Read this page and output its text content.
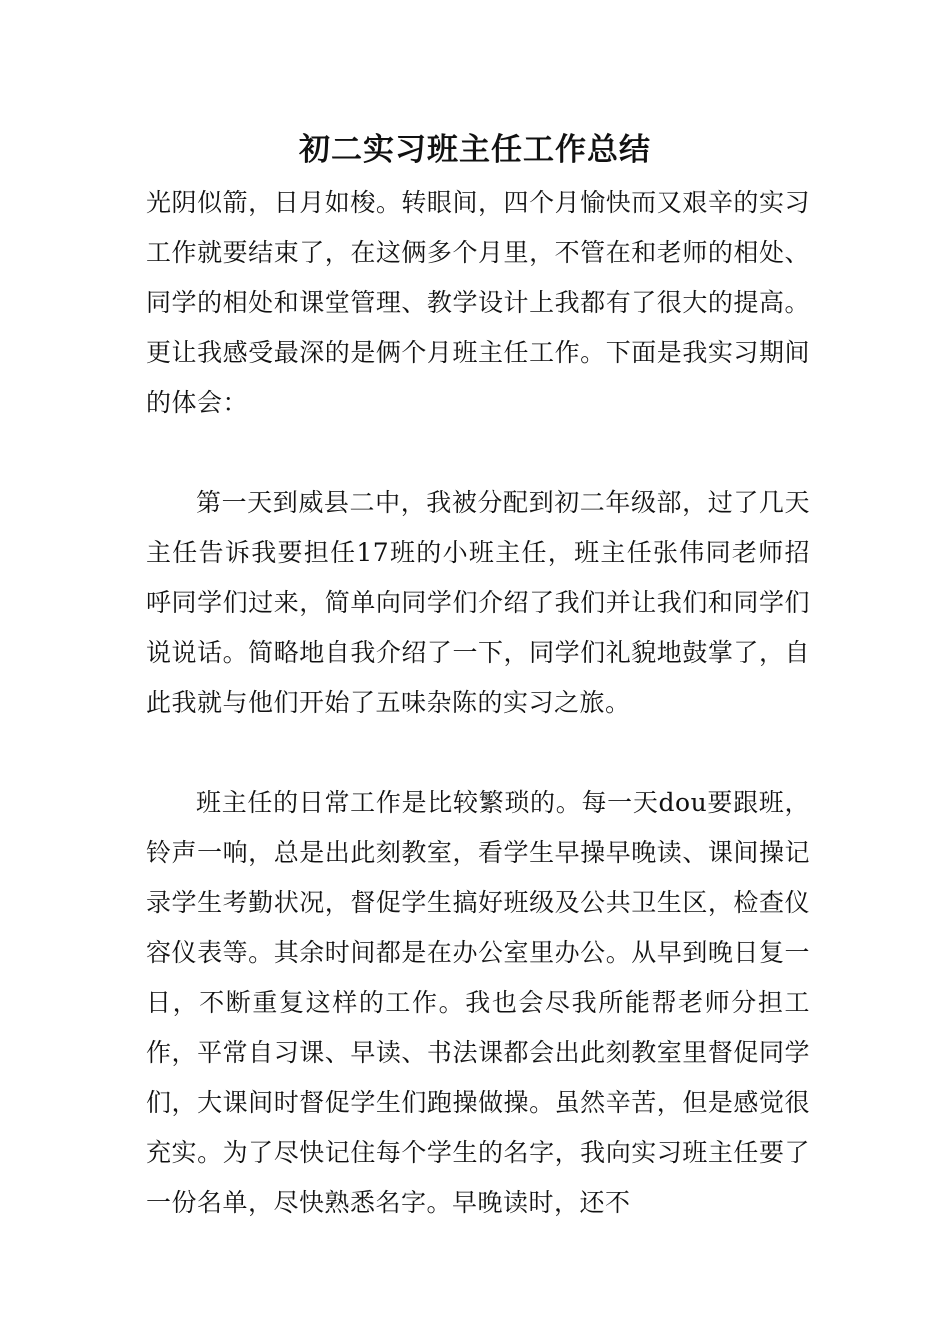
初二实习班主任工作总结

光阴似箭，日月如梭。转眼间，四个月愉快而又艰辛的实习工作就要结束了，在这俩多个月里，不管在和老师的相处、同学的相处和课堂管理、教学设计上我都有了很大的提高。更让我感受最深的是俩个月班主任工作。下面是我实习期间的体会：

第一天到威县二中，我被分配到初二年级部，过了几天主任告诉我要担任17班的小班主任，班主任张伟同老师招呼同学们过来，简单向同学们介绍了我们并让我们和同学们说说话。简略地自我介绍了一下，同学们礼貌地鼓掌了，自此我就与他们开始了五味杂陈的实习之旅。

班主任的日常工作是比较繁琐的。每一天dou要跟班，铃声一响，总是出此刻教室，看学生早操早晚读、课间操记录学生考勤状况，督促学生搞好班级及公共卫生区，检查仪容仪表等。其余时间都是在办公室里办公。从早到晚日复一日，不断重复这样的工作。我也会尽我所能帮老师分担工作，平常自习课、早读、书法课都会出此刻教室里督促同学们，大课间时督促学生们跑操做操。虽然辛苦，但是感觉很充实。为了尽快记住每个学生的名字，我向实习班主任要了一份名单，尽快熟悉名字。早晚读时，还不
